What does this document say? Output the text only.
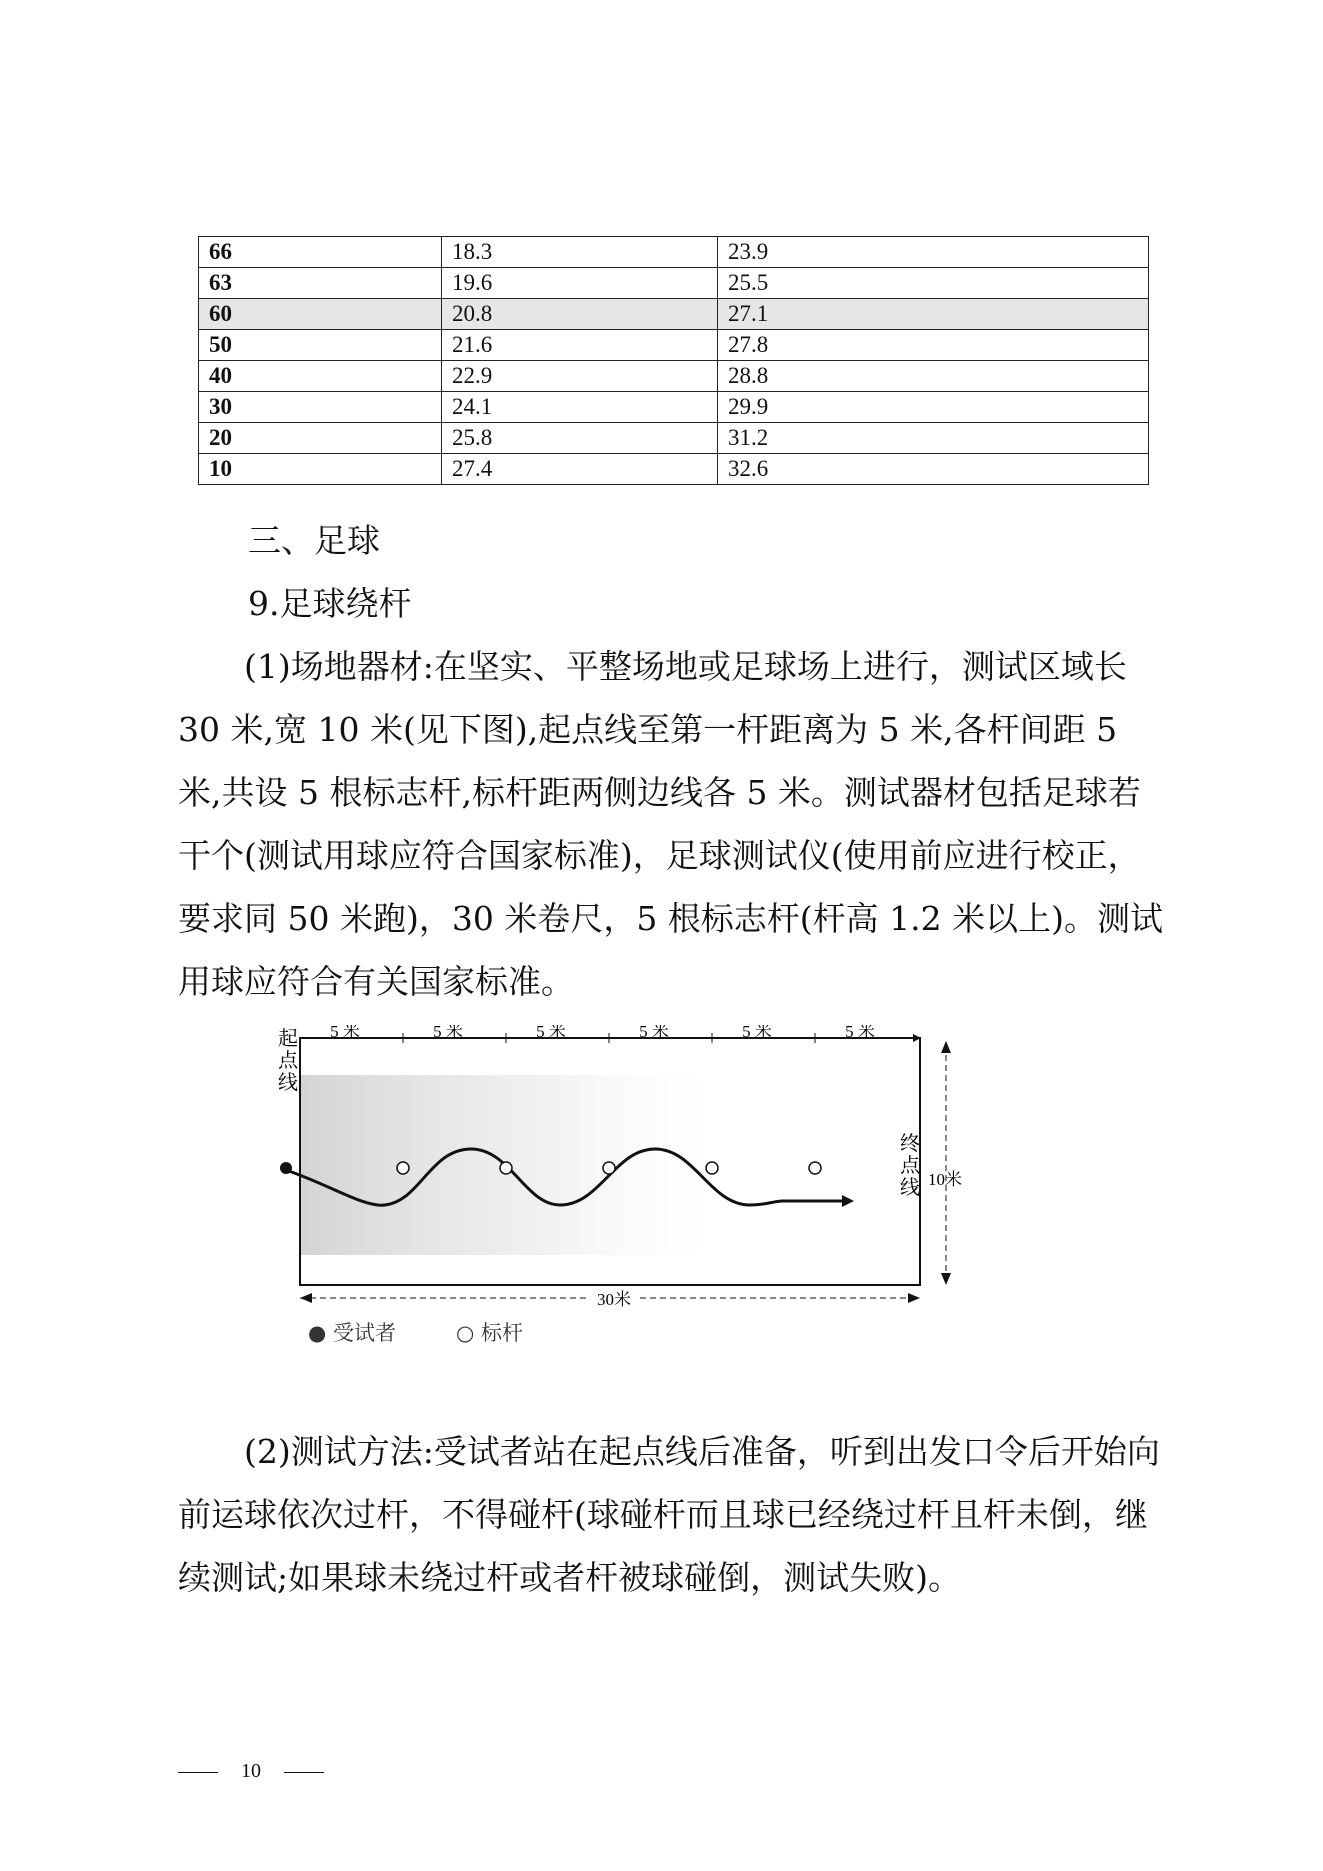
66	18.3	23.9
63	19.6	25.5
60	20.8	27.1
50	21.6	27.8
40	22.9	28.8
30	24.1	29.9
20	25.8	31.2
10	27.4	32.6

三、足球

9.足球绕杆

(1)场地器材:在坚实、平整场地或足球场上进行，测试区域长 30 米,宽 10 米(见下图),起点线至第一杆距离为 5 米,各杆间距 5 米,共设 5 根标志杆,标杆距两侧边线各 5 米。测试器材包括足球若干个(测试用球应符合国家标准)，足球测试仪(使用前应进行校正，要求同 50 米跑)，30 米卷尺，5 根标志杆(杆高 1.2 米以上)。测试用球应符合有关国家标准。

5 米	5 米	5 米	5 米	5 米	5 米
起点线
终点线 10米
30米
● 受试者	○ 标杆

(2)测试方法:受试者站在起点线后准备，听到出发口令后开始向前运球依次过杆，不得碰杆(球碰杆而且球已经绕过杆且杆未倒，继续测试;如果球未绕过杆或者杆被球碰倒，测试失败)。

—— 10 ——
